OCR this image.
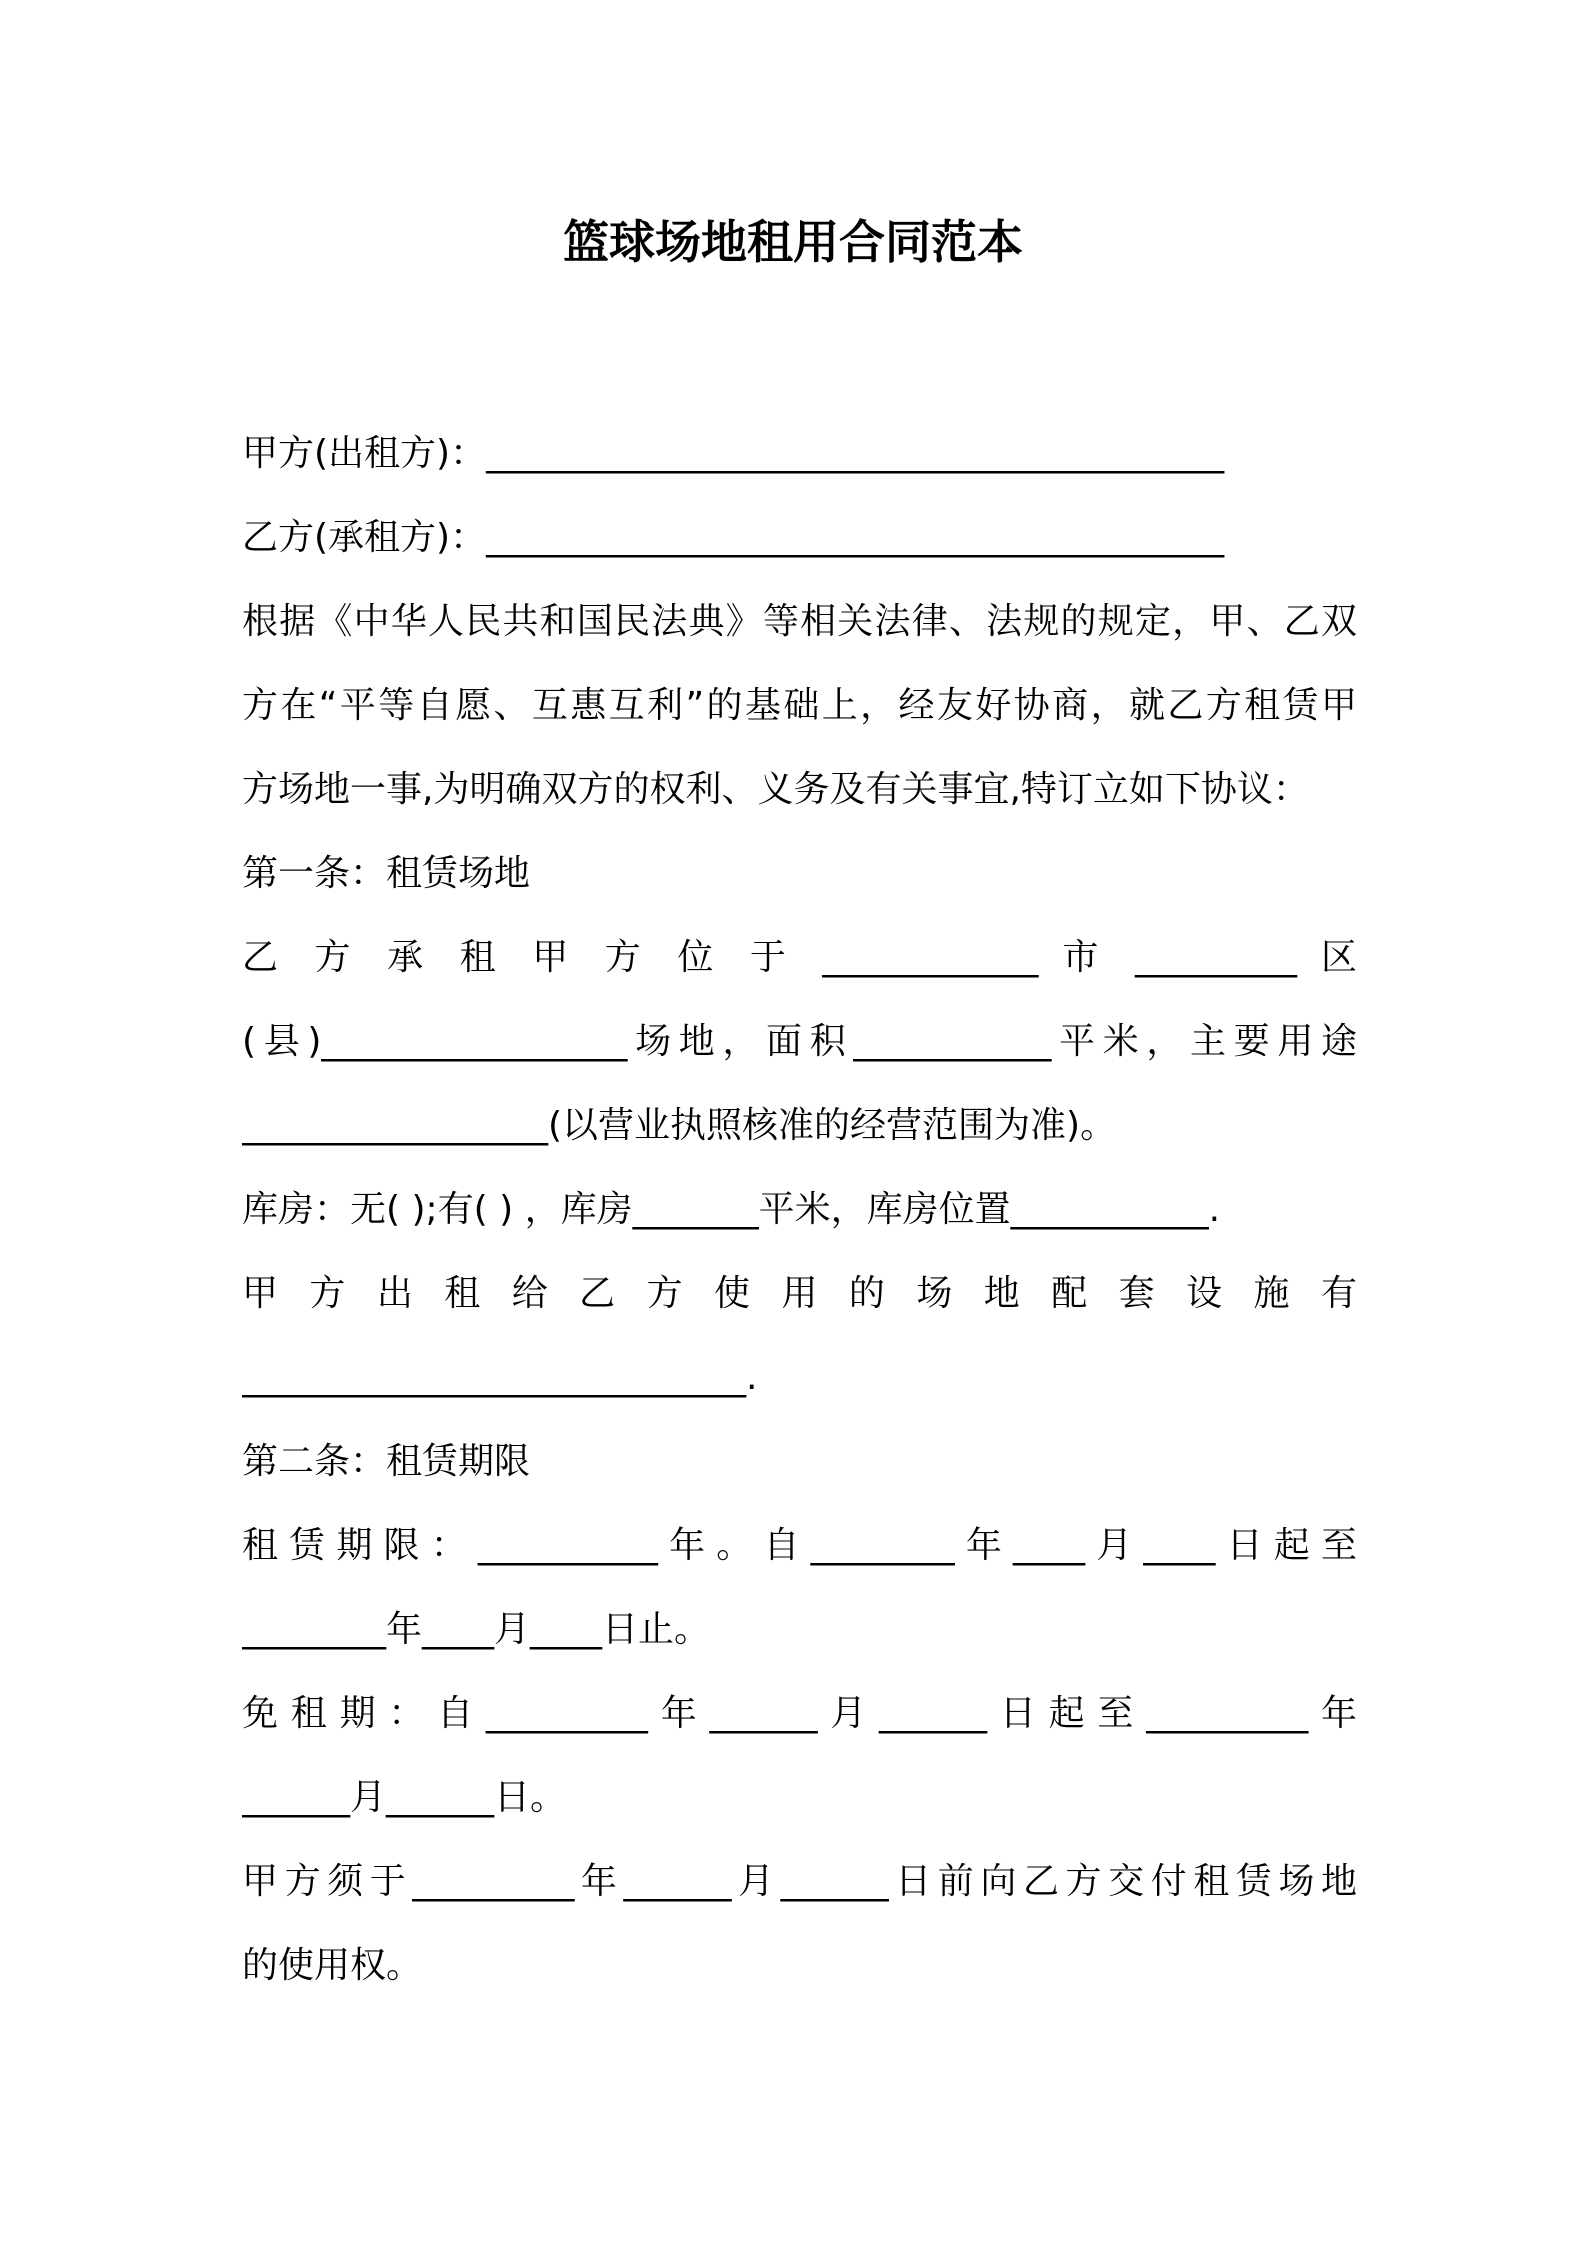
篮球场地租用合同范本
甲方(出租方)：_________________________________________
乙方(承租方)：_________________________________________
根据《中华人民共和国民法典》等相关法律、法规的规定，甲、乙双
方在“平等自愿、互惠互利”的基础上，经友好协商，就乙方租赁甲
方场地一事,为明确双方的权利、义务及有关事宜,特订立如下协议：
第一条：租赁场地
乙 方 承 租 甲 方 位 于 ____________ 市 _________ 区
(县)_________________场地，面积___________平米，主要用途
_________________(以营业执照核准的经营范围为准)。
库房：无( );有( ) ，库房_______平米，库房位置___________.
甲 方 出 租 给 乙 方 使 用 的 场 地 配 套 设 施 有
____________________________.
第二条：租赁期限
租赁期限：__________年。自________年____月____日起至
________年____月____日止。
免租期：自_________年______月______日起至_________年
______月______日。
甲方须于_________年______月______日前向乙方交付租赁场地
的使用权。
